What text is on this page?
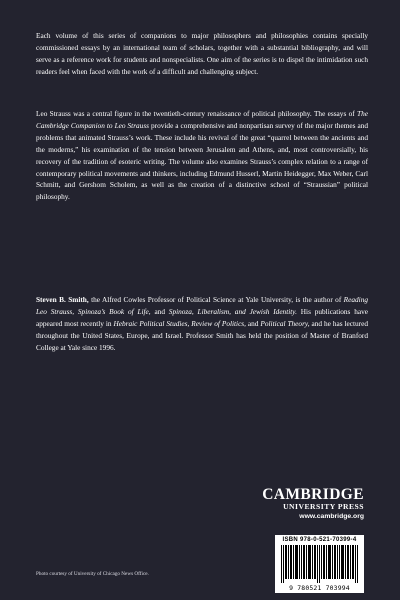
Each volume of this series of companions to major philosophers and philosophies contains specially commissioned essays by an international team of scholars, together with a substantial bibliography, and will serve as a reference work for students and nonspecialists. One aim of the series is to dispel the intimidation such readers feel when faced with the work of a difficult and challenging subject.

Leo Strauss was a central figure in the twentieth-century renaissance of political philosophy. The essays of The Cambridge Companion to Leo Strauss provide a comprehensive and nonpartisan survey of the major themes and problems that animated Strauss’s work. These include his revival of the great “quarrel between the ancients and the moderns,” his examination of the tension between Jerusalem and Athens, and, most controversially, his recovery of the tradition of esoteric writing. The volume also examines Strauss’s complex relation to a range of contemporary political movements and thinkers, including Edmund Husserl, Martin Heidegger, Max Weber, Carl Schmitt, and Gershom Scholem, as well as the creation of a distinctive school of “Straussian” political philosophy.

Steven B. Smith, the Alfred Cowles Professor of Political Science at Yale University, is the author of Reading Leo Strauss, Spinoza’s Book of Life, and Spinoza, Liberalism, and Jewish Identity. His publications have appeared most recently in Hebraic Political Studies, Review of Politics, and Political Theory, and he has lectured throughout the United States, Europe, and Israel. Professor Smith has held the position of Master of Branford College at Yale since 1996.

CAMBRIDGE
UNIVERSITY PRESS
www.cambridge.org
ISBN 978-0-521-70399-4
9 780521 703994
Photo courtesy of University of Chicago News Office.
